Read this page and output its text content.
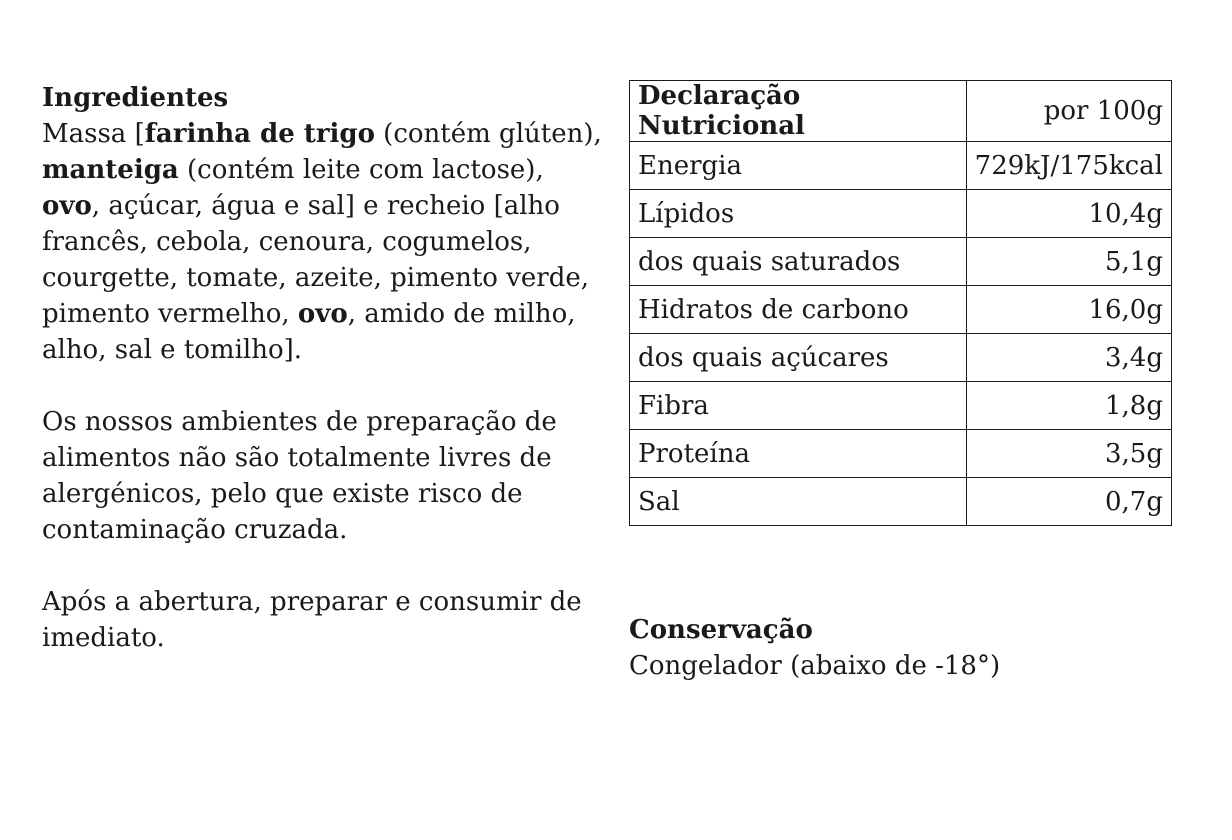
Ingredientes

Massa [farinha de trigo (contém glúten), manteiga (contém leite com lactose), ovo, açúcar, água e sal] e recheio [alho francês, cebola, cenoura, cogumelos, courgette, tomate, azeite, pimento verde, pimento vermelho, ovo, amido de milho, alho, sal e tomilho].

Os nossos ambientes de preparação de alimentos não são totalmente livres de alergénicos, pelo que existe risco de contaminação cruzada.

Após a abertura, preparar e consumir de imediato.

Declaração Nutricional	por 100g
Energia	729kJ/175kcal
Lípidos	10,4g
dos quais saturados	5,1g
Hidratos de carbono	16,0g
dos quais açúcares	3,4g
Fibra	1,8g
Proteína	3,5g
Sal	0,7g

Conservação

Congelador (abaixo de -18°)
